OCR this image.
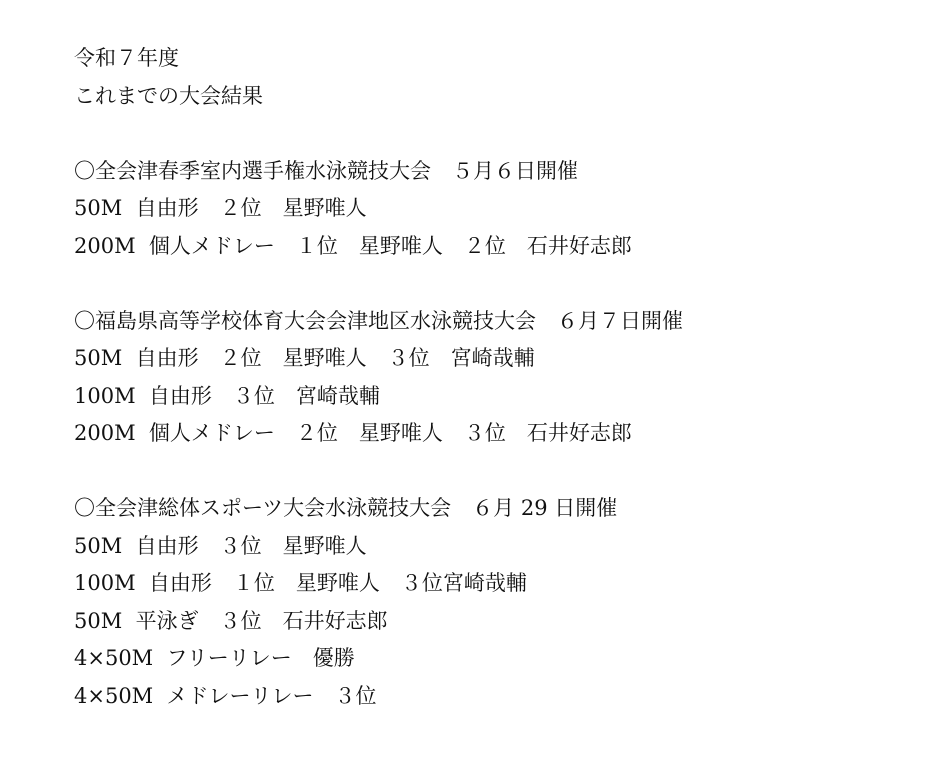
令和７年度

これまでの大会結果

〇全会津春季室内選手権水泳競技大会　５月６日開催

50M  自由形　２位　星野唯人

200M  個人メドレー　１位　星野唯人　２位　石井好志郎

〇福島県高等学校体育大会会津地区水泳競技大会　６月７日開催

50M  自由形　２位　星野唯人　３位　宮崎哉輔

100M  自由形　３位　宮崎哉輔

200M  個人メドレー　２位　星野唯人　３位　石井好志郎

〇全会津総体スポーツ大会水泳競技大会　６月 29 日開催

50M  自由形　３位　星野唯人

100M  自由形　１位　星野唯人　３位宮崎哉輔

50M  平泳ぎ　３位　石井好志郎

4×50M  フリーリレー　優勝

4×50M  メドレーリレー　３位
